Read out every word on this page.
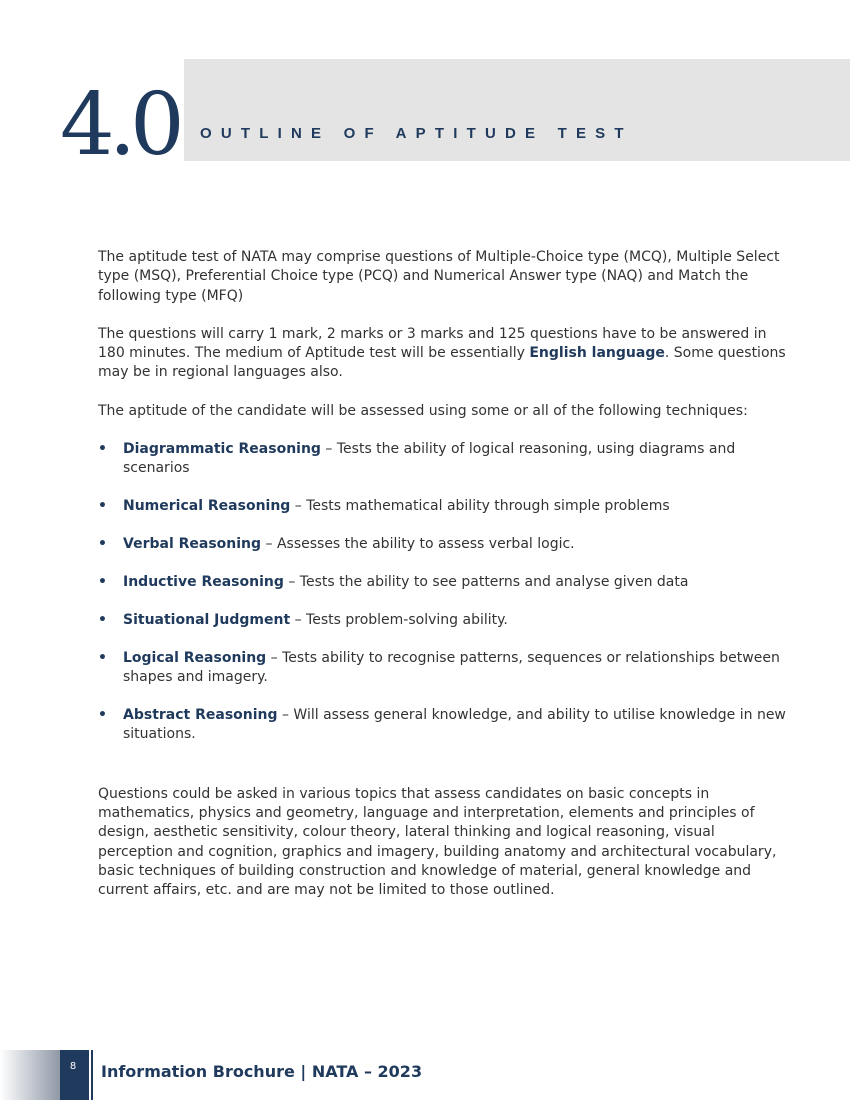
4.0 OUTLINE OF APTITUDE TEST

The aptitude test of NATA may comprise questions of Multiple-Choice type (MCQ), Multiple Select type (MSQ), Preferential Choice type (PCQ) and Numerical Answer type (NAQ) and Match the following type (MFQ)

The questions will carry 1 mark, 2 marks or 3 marks and 125 questions have to be answered in 180 minutes. The medium of Aptitude test will be essentially English language. Some questions may be in regional languages also.

The aptitude of the candidate will be assessed using some or all of the following techniques:

• Diagrammatic Reasoning – Tests the ability of logical reasoning, using diagrams and scenarios
• Numerical Reasoning – Tests mathematical ability through simple problems
• Verbal Reasoning – Assesses the ability to assess verbal logic.
• Inductive Reasoning – Tests the ability to see patterns and analyse given data
• Situational Judgment – Tests problem-solving ability.
• Logical Reasoning – Tests ability to recognise patterns, sequences or relationships between shapes and imagery.
• Abstract Reasoning – Will assess general knowledge, and ability to utilise knowledge in new situations.

Questions could be asked in various topics that assess candidates on basic concepts in mathematics, physics and geometry, language and interpretation, elements and principles of design, aesthetic sensitivity, colour theory, lateral thinking and logical reasoning, visual perception and cognition, graphics and imagery, building anatomy and architectural vocabulary, basic techniques of building construction and knowledge of material, general knowledge and current affairs, etc. and are may not be limited to those outlined.

8	Information Brochure | NATA – 2023
